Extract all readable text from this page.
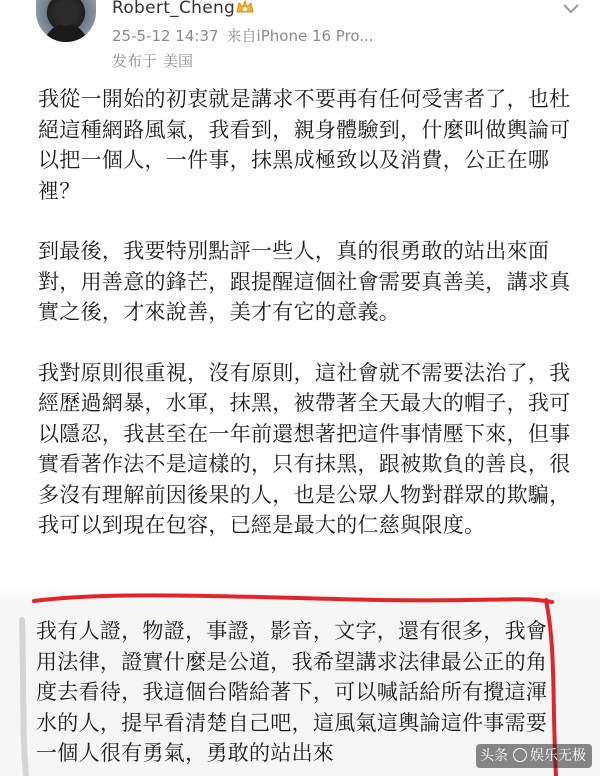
Robert_Cheng
25-5-12 14:37 来自iPhone 16 Pro...
发布于 美国

我從一開始的初衷就是講求不要再有任何受害者了，也杜絕這種網路風氣，我看到，親身體驗到，什麼叫做輿論可以把一個人，一件事，抹黑成極致以及消費，公正在哪裡？

到最後，我要特別點評一些人，真的很勇敢的站出來面對，用善意的鋒芒，跟提醒這個社會需要真善美，講求真實之後，才來說善，美才有它的意義。

我對原則很重視，沒有原則，這社會就不需要法治了，我經歷過網暴，水軍，抹黑，被帶著全天最大的帽子，我可以隱忍，我甚至在一年前還想著把這件事情壓下來，但事實看著作法不是這樣的，只有抹黑，跟被欺負的善良，很多沒有理解前因後果的人，也是公眾人物對群眾的欺騙，我可以到現在包容，已經是最大的仁慈與限度。

我有人證，物證，事證，影音，文字，還有很多，我會用法律，證實什麼是公道，我希望講求法律最公正的角度去看待，我這個台階給著下，可以喊話給所有攪這渾水的人，提早看清楚自己吧，這風氣這輿論這件事需要一個人很有勇氣，勇敢的站出來	头条 娱乐无极
